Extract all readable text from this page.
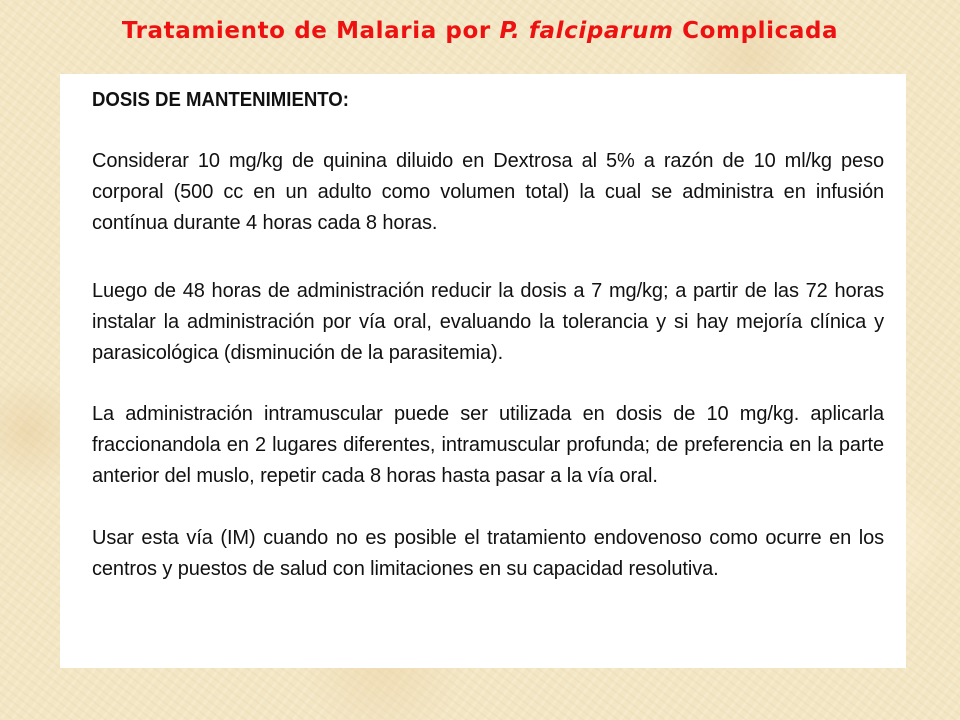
Tratamiento de Malaria por P. falciparum Complicada
DOSIS DE MANTENIMIENTO:

Considerar 10 mg/kg de quinina diluido en Dextrosa al 5% a razón de 10 ml/kg peso corporal (500 cc en un adulto como volumen total) la cual se administra en infusión contínua durante 4 horas cada 8 horas.

Luego de 48 horas de administración reducir la dosis a 7 mg/kg; a partir de las 72 horas instalar la administración por vía oral, evaluando la tolerancia y si hay mejoría clínica y parasicológica (disminución de la parasitemia).

La administración intramuscular puede ser utilizada en dosis de 10 mg/kg. aplicarla fraccionandola en 2 lugares diferentes, intramuscular profunda; de preferencia en la parte anterior del muslo, repetir cada 8 horas hasta pasar a la vía oral.

Usar esta vía (IM) cuando no es posible el tratamiento endovenoso como ocurre en los centros y puestos de salud con limitaciones en su capacidad resolutiva.
